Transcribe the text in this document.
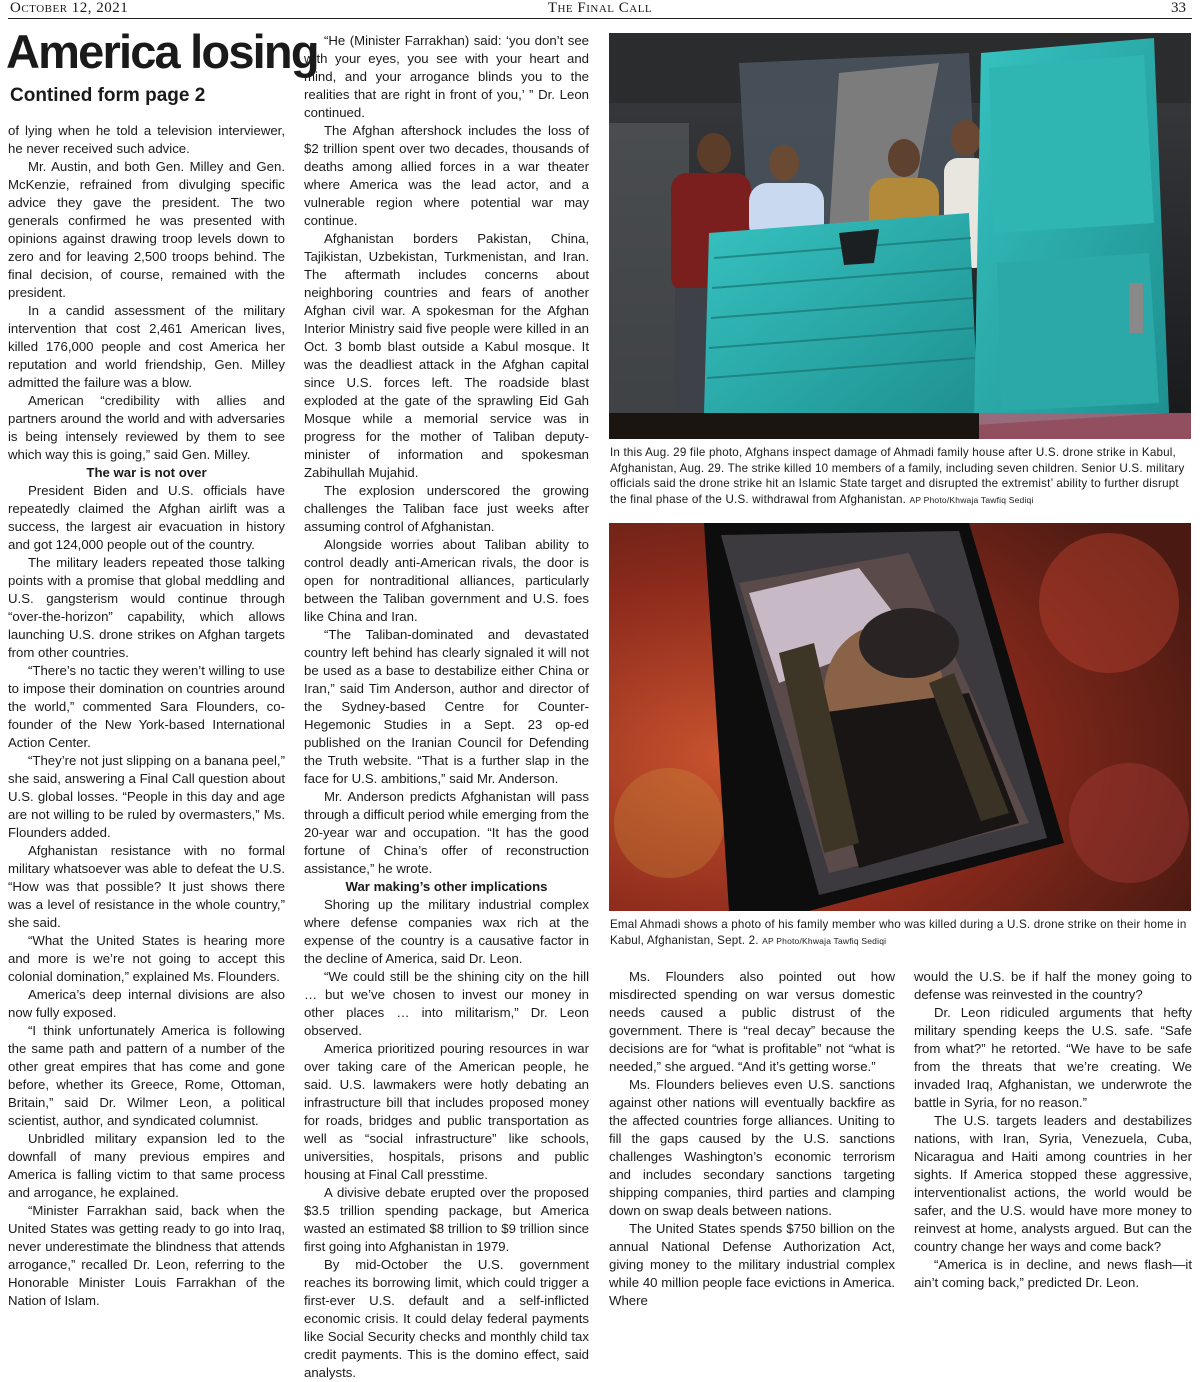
October 12, 2021	The Final Call	33
America losing
Contined form page 2

of lying when he told a television interviewer, he never received such advice.

Mr. Austin, and both Gen. Milley and Gen. McKenzie, refrained from divulging specific advice they gave the president. The two generals confirmed he was presented with opinions against drawing troop levels down to zero and for leaving 2,500 troops behind. The final decision, of course, remained with the president.

In a candid assessment of the military intervention that cost 2,461 American lives, killed 176,000 people and cost America her reputation and world friendship, Gen. Milley admitted the failure was a blow.

American “credibility with allies and partners around the world and with adversaries is being intensely reviewed by them to see which way this is going,” said Gen. Milley.

The war is not over

President Biden and U.S. officials have repeatedly claimed the Afghan airlift was a success, the largest air evacuation in history and got 124,000 people out of the country.

The military leaders repeated those talking points with a promise that global meddling and U.S. gangsterism would continue through “over-the-horizon” capability, which allows launching U.S. drone strikes on Afghan targets from other countries.

“There’s no tactic they weren’t willing to use to impose their domination on countries around the world,” commented Sara Flounders, co-founder of the New York-based International Action Center.

“They’re not just slipping on a banana peel,” she said, answering a Final Call question about U.S. global losses. “People in this day and age are not willing to be ruled by overmasters,” Ms. Flounders added.

Afghanistan resistance with no formal military whatsoever was able to defeat the U.S. “How was that possible? It just shows there was a level of resistance in the whole country,” she said.

“What the United States is hearing more and more is we’re not going to accept this colonial domination,” explained Ms. Flounders.

America’s deep internal divisions are also now fully exposed.

“I think unfortunately America is following the same path and pattern of a number of the other great empires that has come and gone before, whether its Greece, Rome, Ottoman, Britain,” said Dr. Wilmer Leon, a political scientist, author, and syndicated columnist.

Unbridled military expansion led to the downfall of many previous empires and America is falling victim to that same process and arrogance, he explained.

“Minister Farrakhan said, back when the United States was getting ready to go into Iraq, never underestimate the blindness that attends arrogance,” recalled Dr. Leon, referring to the Honorable Minister Louis Farrakhan of the Nation of Islam.

“He (Minister Farrakhan) said: ‘you don’t see with your eyes, you see with your heart and mind, and your arrogance blinds you to the realities that are right in front of you,’ ” Dr. Leon continued.

The Afghan aftershock includes the loss of $2 trillion spent over two decades, thousands of deaths among allied forces in a war theater where America was the lead actor, and a vulnerable region where potential war may continue.

Afghanistan borders Pakistan, China, Tajikistan, Uzbekistan, Turkmenistan, and Iran. The aftermath includes concerns about neighboring countries and fears of another Afghan civil war. A spokesman for the Afghan Interior Ministry said five people were killed in an Oct. 3 bomb blast outside a Kabul mosque. It was the deadliest attack in the Afghan capital since U.S. forces left. The roadside blast exploded at the gate of the sprawling Eid Gah Mosque while a memorial service was in progress for the mother of Taliban deputy-minister of information and spokesman Zabihullah Mujahid.

The explosion underscored the growing challenges the Taliban face just weeks after assuming control of Afghanistan.

Alongside worries about Taliban ability to control deadly anti-American rivals, the door is open for nontraditional alliances, particularly between the Taliban government and U.S. foes like China and Iran.

“The Taliban-dominated and devastated country left behind has clearly signaled it will not be used as a base to destabilize either China or Iran,” said Tim Anderson, author and director of the Sydney-based Centre for Counter-Hegemonic Studies in a Sept. 23 op-ed published on the Iranian Council for Defending the Truth website. “That is a further slap in the face for U.S. ambitions,” said Mr. Anderson.

Mr. Anderson predicts Afghanistan will pass through a difficult period while emerging from the 20-year war and occupation. “It has the good fortune of China’s offer of reconstruction assistance,” he wrote.

War making’s other implications

Shoring up the military industrial complex where defense companies wax rich at the expense of the country is a causative factor in the decline of America, said Dr. Leon.

“We could still be the shining city on the hill … but we’ve chosen to invest our money in other places … into militarism,” Dr. Leon observed.

America prioritized pouring resources in war over taking care of the American people, he said. U.S. lawmakers were hotly debating an infrastructure bill that includes proposed money for roads, bridges and public transportation as well as “social infrastructure” like schools, universities, hospitals, prisons and public housing at Final Call presstime.

A divisive debate erupted over the proposed $3.5 trillion spending package, but America wasted an estimated $8 trillion to $9 trillion since first going into Afghanistan in 1979.

By mid-October the U.S. government reaches its borrowing limit, which could trigger a first-ever U.S. default and a self-inflicted economic crisis. It could delay federal payments like Social Security checks and monthly child tax credit payments. This is the domino effect, said analysts.

In this Aug. 29 file photo, Afghans inspect damage of Ahmadi family house after U.S. drone strike in Kabul, Afghanistan, Aug. 29. The strike killed 10 members of a family, including seven children. Senior U.S. military officials said the drone strike hit an Islamic State target and disrupted the extremist’ ability to further disrupt the final phase of the U.S. withdrawal from Afghanistan. AP Photo/Khwaja Tawfiq Sediqi
Emal Ahmadi shows a photo of his family member who was killed during a U.S. drone strike on their home in Kabul, Afghanistan, Sept. 2. AP Photo/Khwaja Tawfiq Sediqi

Ms. Flounders also pointed out how misdirected spending on war versus domestic needs caused a public distrust of the government. There is “real decay” because the decisions are for “what is profitable” not “what is needed,” she argued. “And it’s getting worse.”

Ms. Flounders believes even U.S. sanctions against other nations will eventually backfire as the affected countries forge alliances. Uniting to fill the gaps caused by the U.S. sanctions challenges Washington’s economic terrorism and includes secondary sanctions targeting shipping companies, third parties and clamping down on swap deals between nations.

The United States spends $750 billion on the annual National Defense Authorization Act, giving money to the military industrial complex while 40 million people face evictions in America. Where

would the U.S. be if half the money going to defense was reinvested in the country?

Dr. Leon ridiculed arguments that hefty military spending keeps the U.S. safe. “Safe from what?” he retorted. “We have to be safe from the threats that we’re creating. We invaded Iraq, Afghanistan, we underwrote the battle in Syria, for no reason.”

The U.S. targets leaders and destabilizes nations, with Iran, Syria, Venezuela, Cuba, Nicaragua and Haiti among countries in her sights. If America stopped these aggressive, interventionalist actions, the world would be safer, and the U.S. would have more money to reinvest at home, analysts argued. But can the country change her ways and come back?

“America is in decline, and news flash—it ain’t coming back,” predicted Dr. Leon.
